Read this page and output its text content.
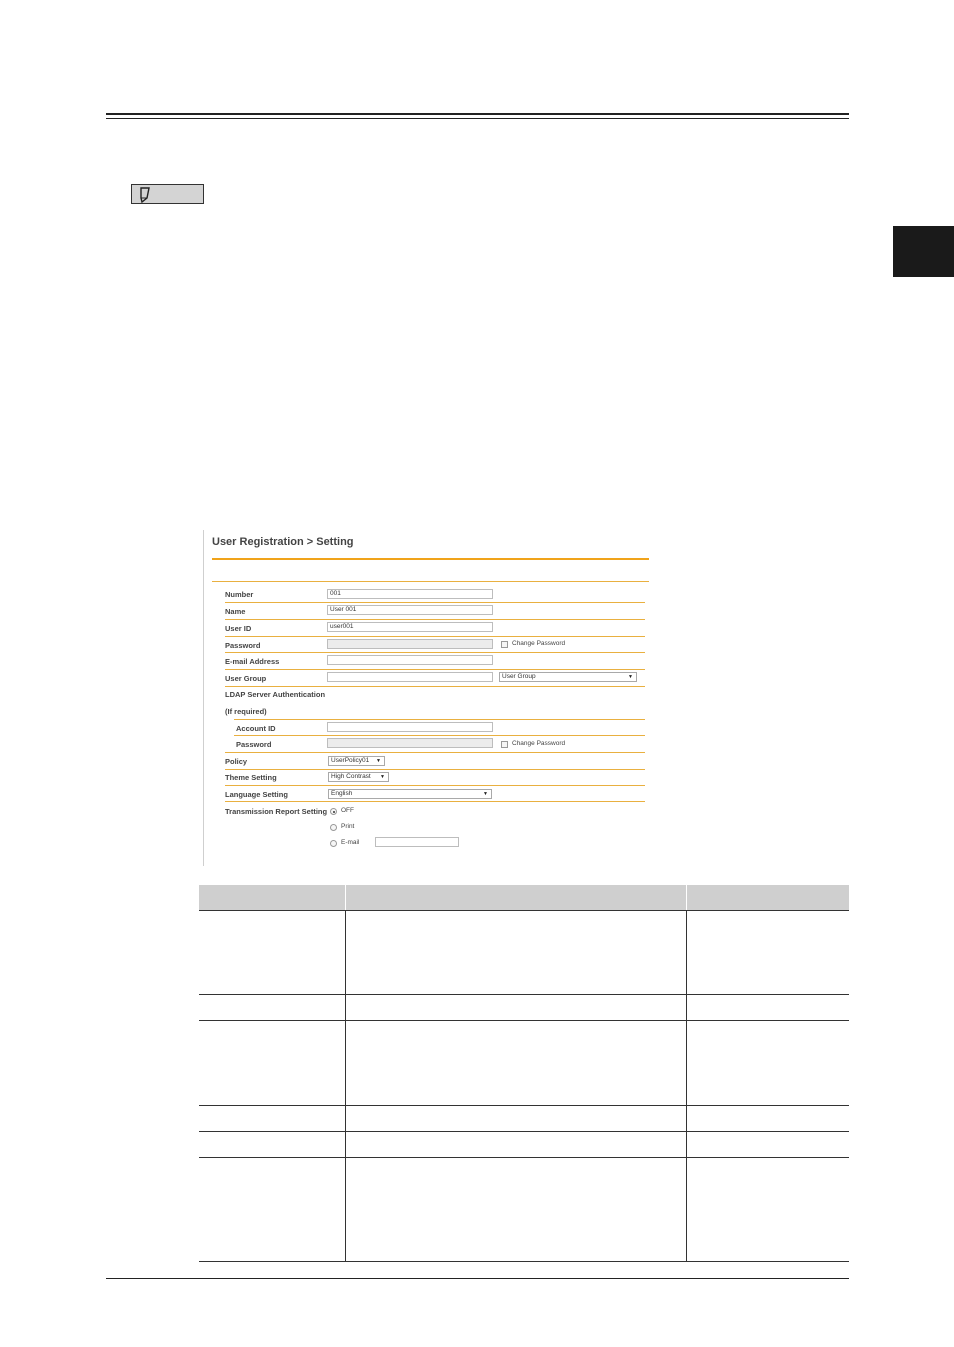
User Registration > Setting
Number	001
Name	User 001
User ID	user001
Password	Change Password
E-mail Address
User Group	User Group	▼
LDAP Server Authentication
(If required)
Account ID
Password	Change Password
Policy	UserPolicy01 ▼
Theme Setting	High Contrast ▼
Language Setting	English	▼
Transmission Report Setting OFF
Print
E-mail
